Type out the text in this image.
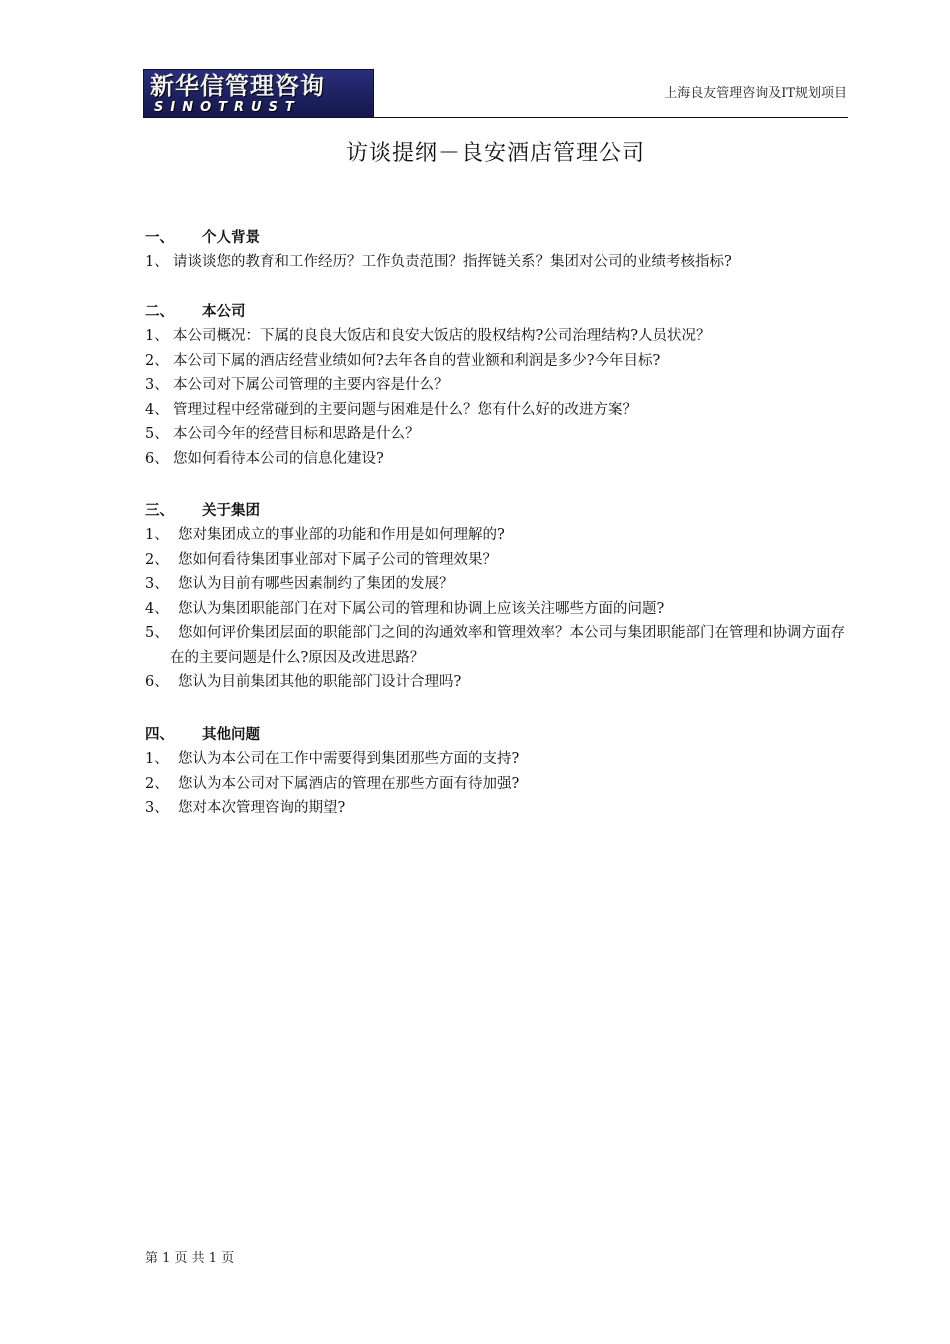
新华信管理咨询
SINOTRUST
上海良友管理咨询及IT规划项目
访谈提纲－良安酒店管理公司
一、 个人背景
1、 请谈谈您的教育和工作经历？工作负责范围？指挥链关系？集团对公司的业绩考核指标?
二、 本公司
1、 本公司概况：下属的良良大饭店和良安大饭店的股权结构?公司治理结构?人员状况？
2、 本公司下属的酒店经营业绩如何?去年各自的营业额和利润是多少?今年目标?
3、 本公司对下属公司管理的主要内容是什么？
4、 管理过程中经常碰到的主要问题与困难是什么？您有什么好的改进方案？
5、 本公司今年的经营目标和思路是什么？
6、 您如何看待本公司的信息化建设?
三、 关于集团
1、 您对集团成立的事业部的功能和作用是如何理解的?
2、 您如何看待集团事业部对下属子公司的管理效果？
3、 您认为目前有哪些因素制约了集团的发展？
4、 您认为集团职能部门在对下属公司的管理和协调上应该关注哪些方面的问题?
5、 您如何评价集团层面的职能部门之间的沟通效率和管理效率？本公司与集团职能部门在管理和协调方面存在的主要问题是什么?原因及改进思路？
6、 您认为目前集团其他的职能部门设计合理吗?
四、 其他问题
1、 您认为本公司在工作中需要得到集团那些方面的支持?
2、 您认为本公司对下属酒店的管理在那些方面有待加强?
3、 您对本次管理咨询的期望?
第 1 页 共 1 页
